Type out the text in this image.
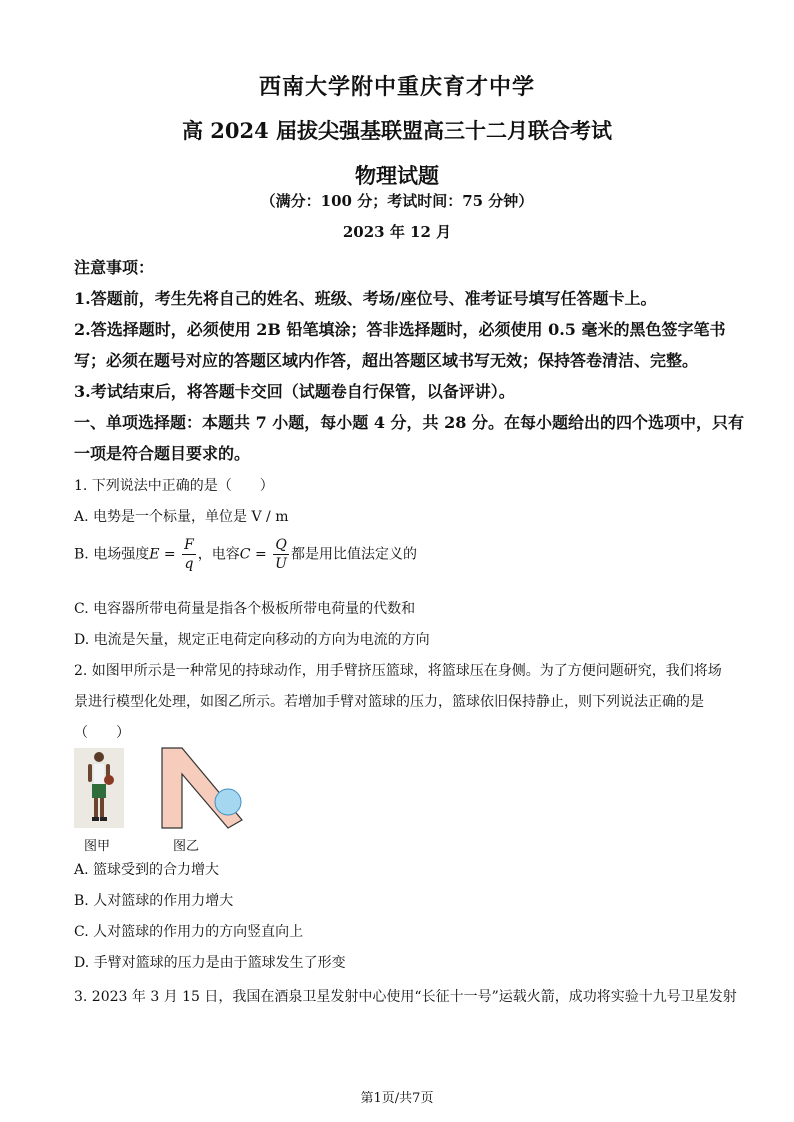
西南大学附中重庆育才中学
高 2024 届拔尖强基联盟高三十二月联合考试
物理试题
（满分：100 分；考试时间：75 分钟）
2023 年 12 月
注意事项：
1.答题前，考生先将自己的姓名、班级、考场/座位号、准考证号填写任答题卡上。
2.答选择题时，必须使用 2B 铅笔填涂；答非选择题时，必须使用 0.5 毫米的黑色签字笔书
写；必须在题号对应的答题区域内作答，超出答题区域书写无效；保持答卷清洁、完整。
3.考试结束后，将答题卡交回（试题卷自行保管，以备评讲）。
一、单项选择题：本题共 7 小题，每小题 4 分，共 28 分。在每小题给出的四个选项中，只有
一项是符合题目要求的。
1. 下列说法中正确的是（　　）
A. 电势是一个标量，单位是 V / m
B. 电场强度$E = \frac{F}{q}$ ，电容$C = \frac{Q}{U}$ 都是用比值法定义的
C. 电容器所带电荷量是指各个极板所带电荷量的代数和
D. 电流是矢量，规定正电荷定向移动的方向为电流的方向
2. 如图甲所示是一种常见的持球动作，用手臂挤压篮球，将篮球压在身侧。为了方便问题研究，我们将场
景进行模型化处理，如图乙所示。若增加手臂对篮球的压力，篮球依旧保持静止，则下列说法正确的是
（　　）
图甲	图乙
A. 篮球受到的合力增大
B. 人对篮球的作用力增大
C. 人对篮球的作用力的方向竖直向上
D. 手臂对篮球的压力是由于篮球发生了形变
3. 2023 年 3 月 15 日，我国在酒泉卫星发射中心使用“长征十一号”运载火箭，成功将实验十九号卫星发射
第1页/共7页
